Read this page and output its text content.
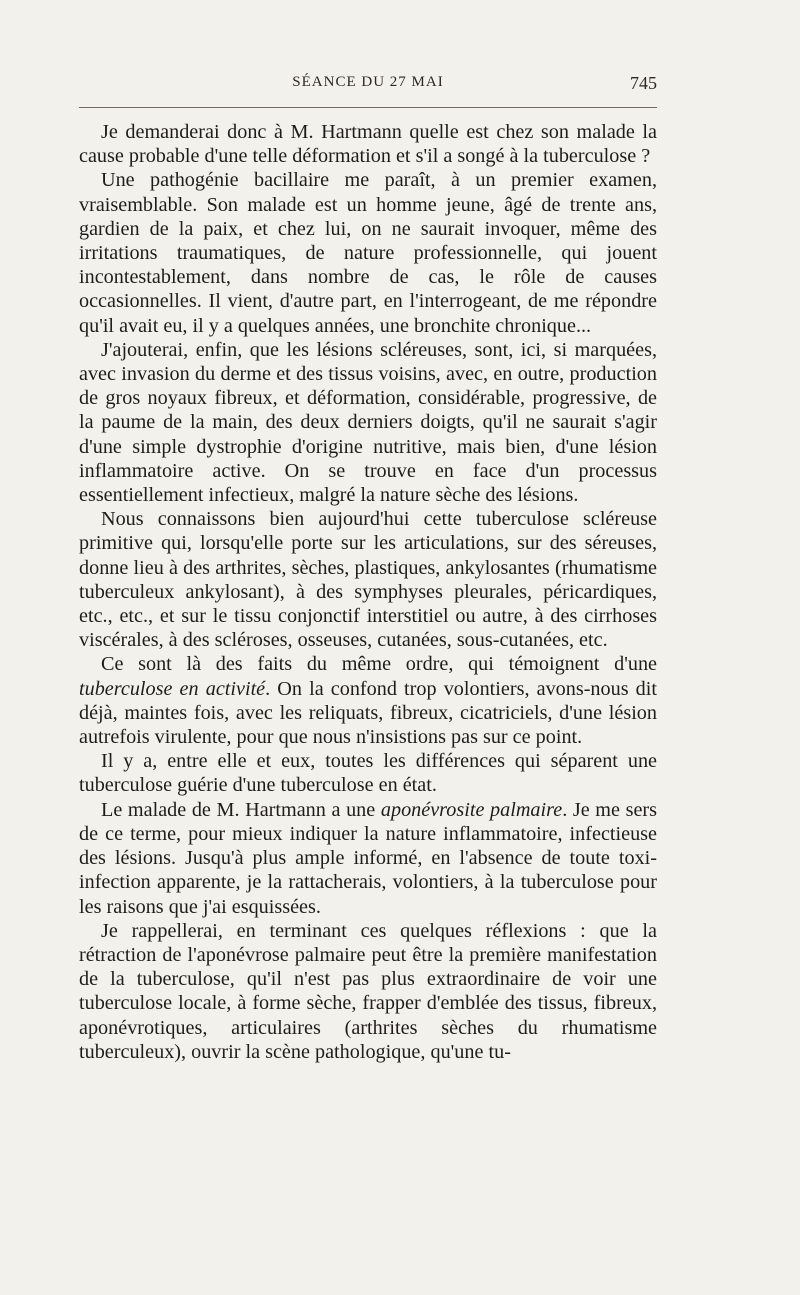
SÉANCE DU 27 MAI	745

Je demanderai donc à M. Hartmann quelle est chez son malade la cause probable d'une telle déformation et s'il a songé à la tuberculose ?

Une pathogénie bacillaire me paraît, à un premier examen, vraisemblable. Son malade est un homme jeune, âgé de trente ans, gardien de la paix, et chez lui, on ne saurait invoquer, même des irritations traumatiques, de nature professionnelle, qui jouent incontestablement, dans nombre de cas, le rôle de causes occasionnelles. Il vient, d'autre part, en l'interrogeant, de me répondre qu'il avait eu, il y a quelques années, une bronchite chronique...

J'ajouterai, enfin, que les lésions scléreuses, sont, ici, si marquées, avec invasion du derme et des tissus voisins, avec, en outre, production de gros noyaux fibreux, et déformation, considérable, progressive, de la paume de la main, des deux derniers doigts, qu'il ne saurait s'agir d'une simple dystrophie d'origine nutritive, mais bien, d'une lésion inflammatoire active. On se trouve en face d'un processus essentiellement infectieux, malgré la nature sèche des lésions.

Nous connaissons bien aujourd'hui cette tuberculose scléreuse primitive qui, lorsqu'elle porte sur les articulations, sur des séreuses, donne lieu à des arthrites, sèches, plastiques, ankylosantes (rhumatisme tuberculeux ankylosant), à des symphyses pleurales, péricardiques, etc., etc., et sur le tissu conjonctif interstitiel ou autre, à des cirrhoses viscérales, à des scléroses, osseuses, cutanées, sous-cutanées, etc.

Ce sont là des faits du même ordre, qui témoignent d'une tuberculose en activité. On la confond trop volontiers, avons-nous dit déjà, maintes fois, avec les reliquats, fibreux, cicatriciels, d'une lésion autrefois virulente, pour que nous n'insistions pas sur ce point.

Il y a, entre elle et eux, toutes les différences qui séparent une tuberculose guérie d'une tuberculose en état.

Le malade de M. Hartmann a une aponévrosite palmaire. Je me sers de ce terme, pour mieux indiquer la nature inflammatoire, infectieuse des lésions. Jusqu'à plus ample informé, en l'absence de toute toxi-infection apparente, je la rattacherais, volontiers, à la tuberculose pour les raisons que j'ai esquissées.

Je rappellerai, en terminant ces quelques réflexions : que la rétraction de l'aponévrose palmaire peut être la première manifestation de la tuberculose, qu'il n'est pas plus extraordinaire de voir une tuberculose locale, à forme sèche, frapper d'emblée des tissus, fibreux, aponévrotiques, articulaires (arthrites sèches du rhumatisme tuberculeux), ouvrir la scène pathologique, qu'une tu-
